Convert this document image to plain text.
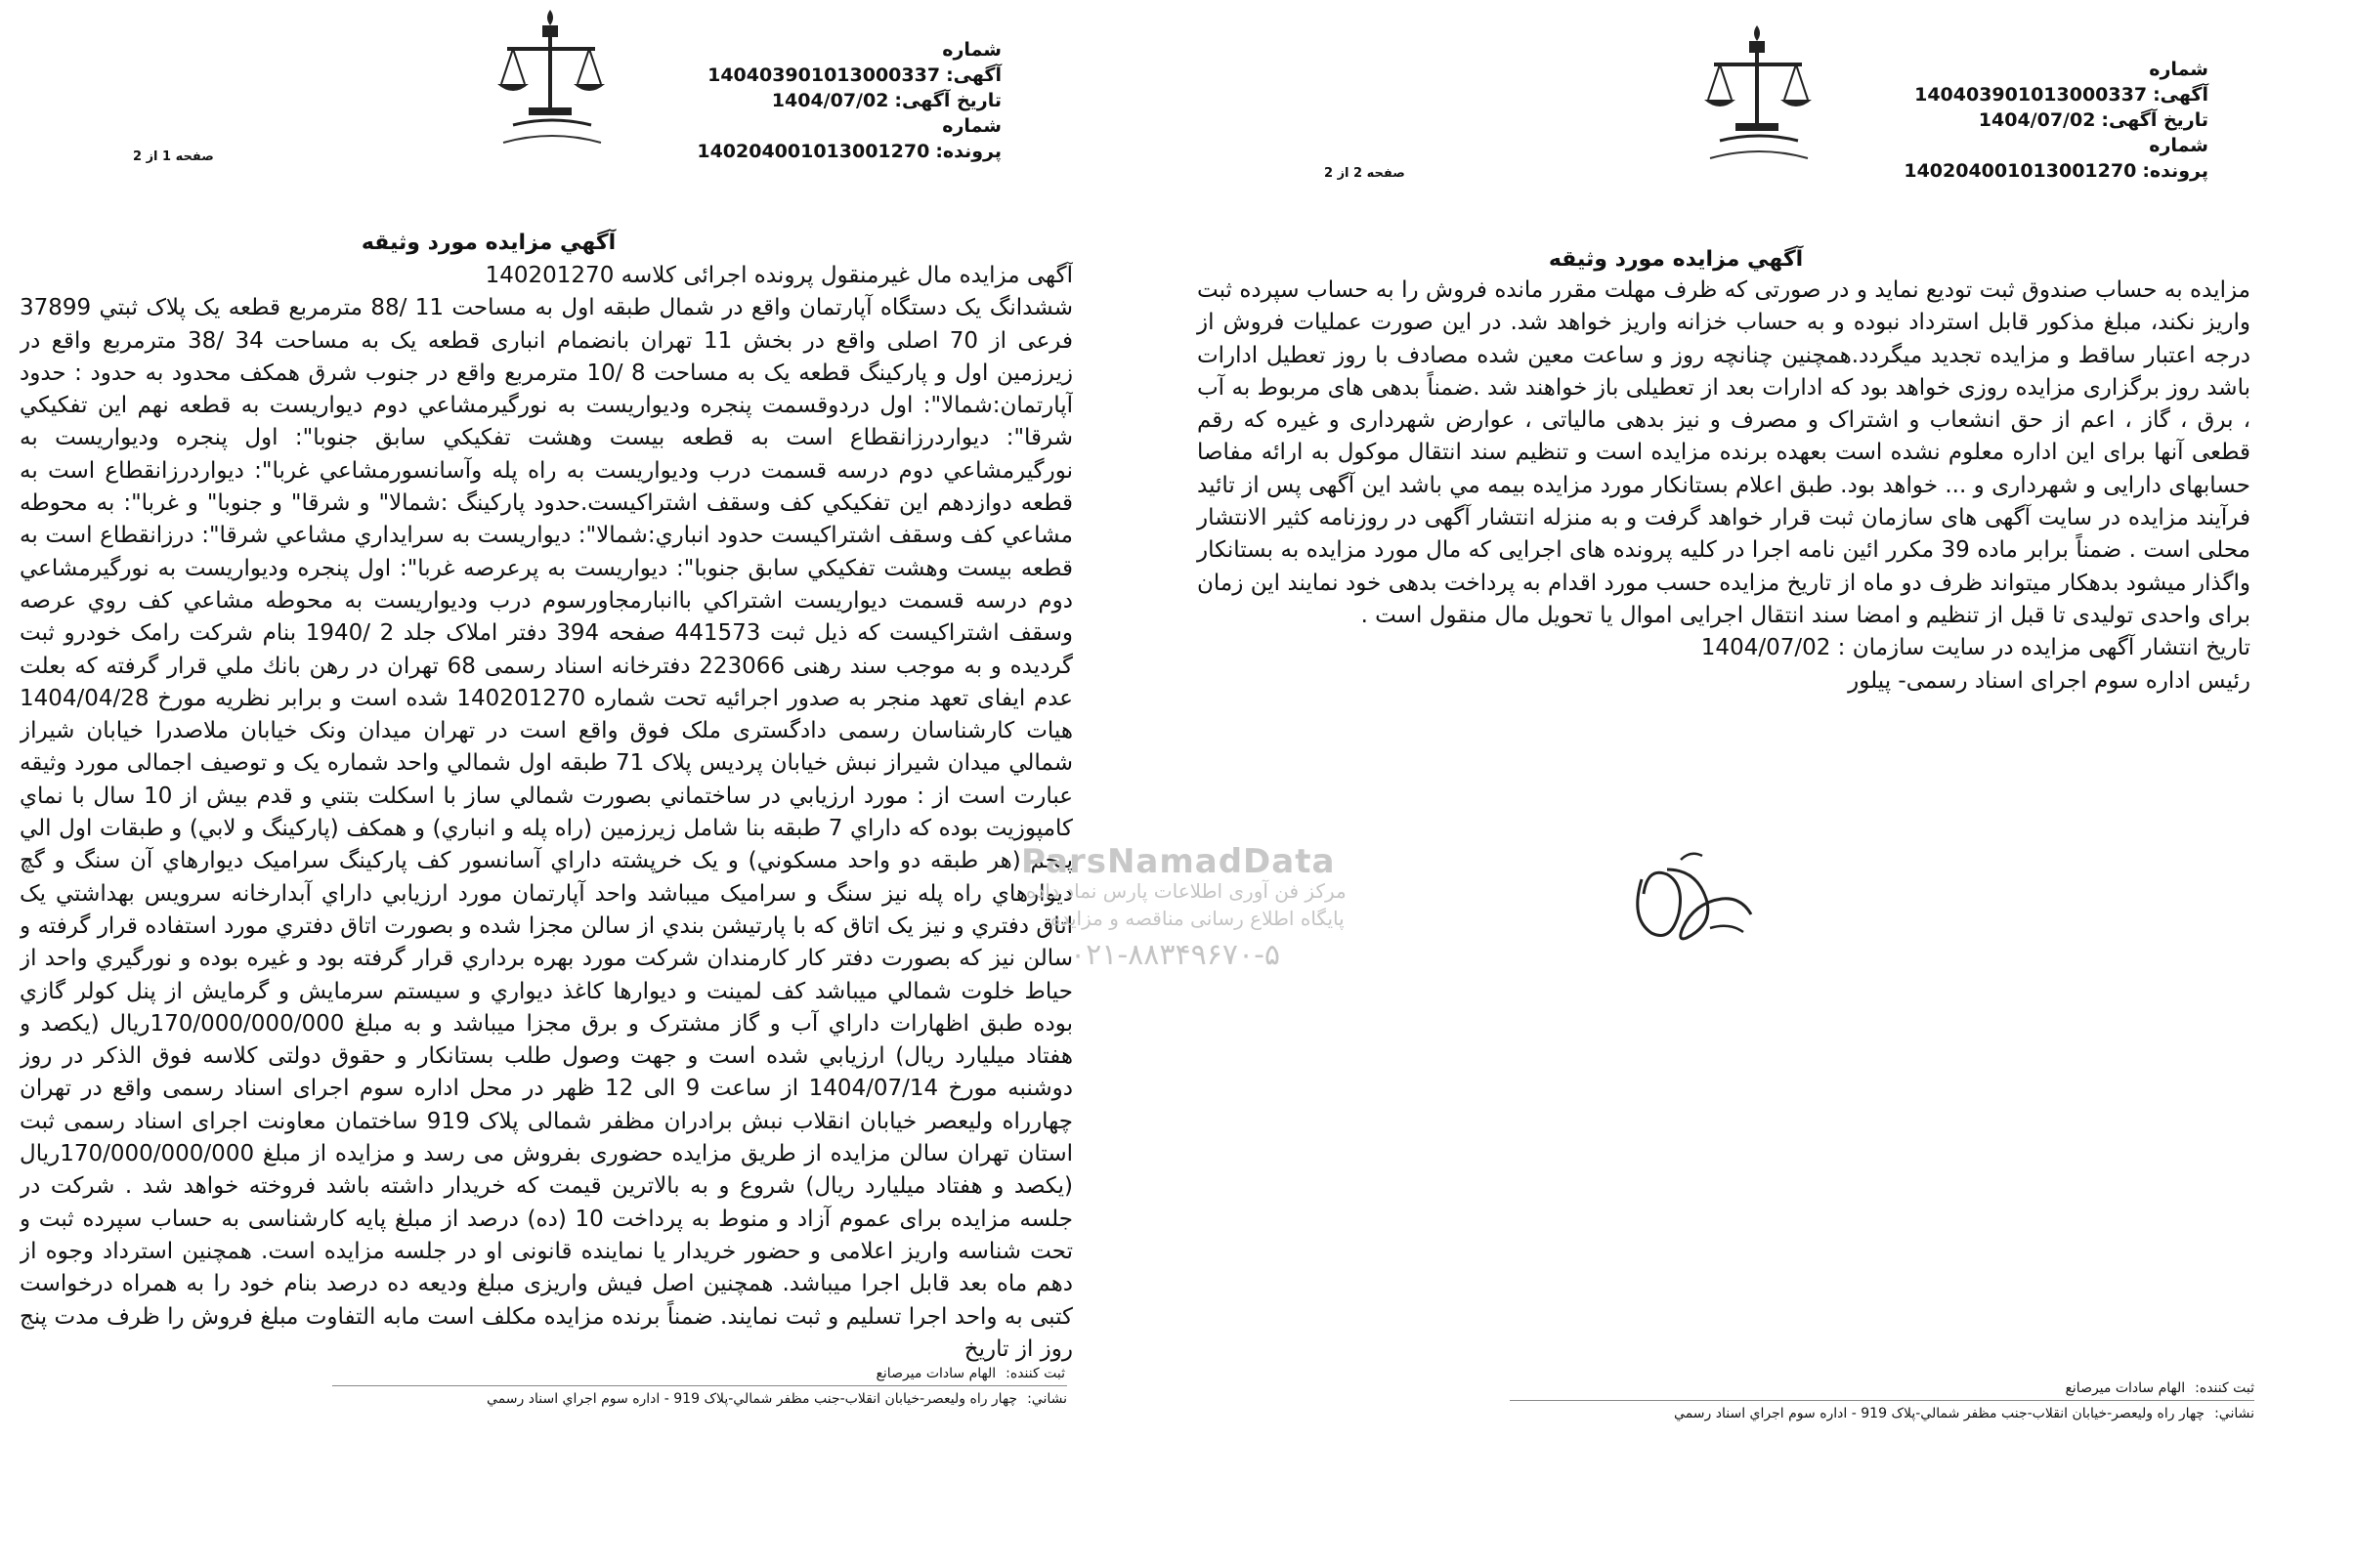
شماره آگهی:140403901013000337
تاریخ آگهی:1404/07/02
شماره پرونده:140204001013001270
صفحه 1 از 2
آگهي مزايده مورد وثيقه

آگهی مزایده مال غیرمنقول پرونده اجرائی کلاسه 140201270

ششدانگ یک دستگاه آپارتمان واقع در شمال طبقه اول به مساحت 11 /88 مترمربع قطعه یک پلاک ثبتي 37899 فرعی از 70 اصلی واقع در بخش 11 تهران بانضمام انباری قطعه یک به مساحت 34 /38 مترمربع واقع در زیرزمین اول و پارکینگ قطعه یک به مساحت 8 /10 مترمربع واقع در جنوب شرق همکف محدود به حدود : حدود آپارتمان:شمالا": اول دردوقسمت پنجره وديواريست به نورگيرمشاعي دوم ديواريست به قطعه نهم اين تفكيكي شرقا": ديواردرزانقطاع است به قطعه بيست وهشت تفكيكي سابق جنوبا": اول پنجره وديواريست به نورگيرمشاعي دوم درسه قسمت درب وديواريست به راه پله وآسانسورمشاعي غربا": ديواردرزانقطاع است به قطعه دوازدهم اين تفكيكي كف وسقف اشتراكيست.حدود پاركينگ :شمالا" و شرقا" و جنوبا" و غربا": به محوطه مشاعي كف وسقف اشتراكيست حدود انباري:شمالا": ديواريست به سرايداري مشاعي شرقا": درزانقطاع است به قطعه بيست وهشت تفكيكي سابق جنوبا": ديواريست به پرعرصه غربا": اول پنجره وديواريست به نورگيرمشاعي دوم درسه قسمت ديواريست اشتراكي باانبارمجاورسوم درب وديواريست به محوطه مشاعي كف روي عرصه وسقف اشتراكيست كه ذيل ثبت 441573 صفحه 394 دفتر املاک جلد 2 /1940 بنام شرکت رامک خودرو ثبت گردیده و به موجب سند رهنی 223066 دفترخانه اسناد رسمی 68 تهران در رهن بانك ملي قرار گرفته كه بعلت عدم ایفای تعهد منجر به صدور اجرائیه تحت شماره 140201270 شده است و برابر نظریه مورخ 1404/04/28 هيات كارشناسان رسمی دادگستری ملک فوق واقع است در تهران میدان ونک خیابان ملاصدرا خیابان شیراز شمالي میدان شیراز نبش خیابان پرديس پلاک 71 طبقه اول شمالي واحد شماره یک و توصیف اجمالی مورد وثيقه عبارت است از : مورد ارزيابي در ساختماني بصورت شمالي ساز با اسكلت بتني و قدم بيش از 10 سال با نماي كامپوزيت بوده كه داراي 7 طبقه بنا شامل زيرزمين (راه پله و انباري) و همكف (پاركينگ و لابي) و طبقات اول الي پنجم (هر طبقه دو واحد مسكوني) و يک خرپشته داراي آسانسور كف پاركينگ سراميک ديوارهاي آن سنگ و گچ ديوارهاي راه پله نيز سنگ و سراميک ميباشد واحد آپارتمان مورد ارزيابي داراي آبدارخانه سرويس بهداشتي يک اتاق دفتري و نيز يک اتاق كه با پارتيشن بندي از سالن مجزا شده و بصورت اتاق دفتري مورد استفاده قرار گرفته و سالن نيز كه بصورت دفتر كار كارمندان شركت مورد بهره برداري قرار گرفته بود و غيره بوده و نورگيري واحد از حياط خلوت شمالي ميباشد كف لمينت و ديوارها كاغذ ديواري و سيستم سرمايش و گرمايش از پنل كولر گازي بوده طبق اظهارات داراي آب و گاز مشترک و برق مجزا ميباشد و به مبلغ 170/000/000/000ريال (يكصد و هفتاد ميليارد ريال) ارزيابي شده است و جهت وصول طلب بستانكار و حقوق دولتی کلاسه فوق الذکر در روز دوشنبه مورخ 1404/07/14 از ساعت 9 الی 12 ظهر در محل اداره سوم اجرای اسناد رسمی واقع در تهران چهارراه وليعصر خيابان انقلاب نبش برادران مظفر شمالی پلاک 919 ساختمان معاونت اجرای اسناد رسمی ثبت استان تهران سالن مزایده از طریق مزایده حضوری بفروش می رسد و مزایده از مبلغ 170/000/000/000ریال (يكصد و هفتاد ميليارد ريال) شروع و به بالاترین قیمت که خریدار داشته باشد فروخته خواهد شد . شرکت در جلسه مزایده برای عموم آزاد و منوط به پرداخت 10 (ده) درصد از مبلغ پایه کارشناسی به حساب سپرده ثبت و تحت شناسه واریز اعلامی و حضور خریدار یا نماینده قانونی او در جلسه مزایده است. همچنین استرداد وجوه از دهم ماه بعد قابل اجرا میباشد. همچنین اصل فیش واریزی مبلغ ودیعه ده درصد بنام خود را به همراه درخواست کتبی به واحد اجرا تسلیم و ثبت نمایند. ضمناً برنده مزایده مکلف است مابه التفاوت مبلغ فروش را ظرف مدت پنج روز از تاریخ

ثبت کننده:الهام سادات میرصانع
نشاني:چهار راه وليعصر-خيابان انقلاب-جنب مظفر شمالي-پلاک 919 - اداره سوم اجراي اسناد رسمي
شماره آگهی:140403901013000337
تاریخ آگهی:1404/07/02
شماره پرونده:140204001013001270
صفحه 2 از 2
آگهي مزايده مورد وثيقه

مزایده به حساب صندوق ثبت توديع نماید و در صورتی که ظرف مهلت مقرر مانده فروش را به حساب سپرده ثبت واریز نکند، مبلغ مذکور قابل استرداد نبوده و به حساب خزانه واریز خواهد شد. در این صورت عملیات فروش از درجه اعتبار ساقط و مزایده تجدید میگردد.همچنین چنانچه روز و ساعت معین شده مصادف با روز تعطیل ادارات باشد روز برگزاری مزایده روزی خواهد بود که ادارات بعد از تعطیلی باز خواهند شد .ضمناً بدهی های مربوط به آب ، برق ، گاز ، اعم از حق انشعاب و اشتراک و مصرف و نیز بدهی مالیاتی ، عوارض شهرداری و غیره که رقم قطعی آنها برای این اداره معلوم نشده است بعهده برنده مزایده است و تنظیم سند انتقال موکول به ارائه مفاصا حسابهای دارایی و شهرداری و ... خواهد بود. طبق اعلام بستانکار مورد مزایده بیمه مي باشد این آگهی پس از تائید فرآیند مزایده در سایت آگهی های سازمان ثبت قرار خواهد گرفت و به منزله انتشار آگهی در روزنامه کثیر الانتشار محلی است . ضمناً برابر ماده 39 مکرر ائین نامه اجرا در کلیه پرونده های اجرایی که مال مورد مزایده به بستانکار واگذار میشود بدهکار میتواند ظرف دو ماه از تاریخ مزایده حسب مورد اقدام به پرداخت بدهی خود نمایند این زمان برای واحدی تولیدی تا قبل از تنظیم و امضا سند انتقال اجرایی اموال یا تحویل مال منقول است .

تاریخ انتشار آگهی مزایده در سایت سازمان : 1404/07/02

رئیس اداره سوم اجرای اسناد رسمی- پیلور

ثبت کننده:الهام سادات میرصانع
نشاني:چهار راه وليعصر-خيابان انقلاب-جنب مظفر شمالي-پلاک 919 - اداره سوم اجراي اسناد رسمي
ParsNamadData
مرکز فن آوری اطلاعات پارس نماد داده
پایگاه اطلاع رسانی مناقصه و مزایده
۰۲۱-۸۸۳۴۹۶۷۰-۵
